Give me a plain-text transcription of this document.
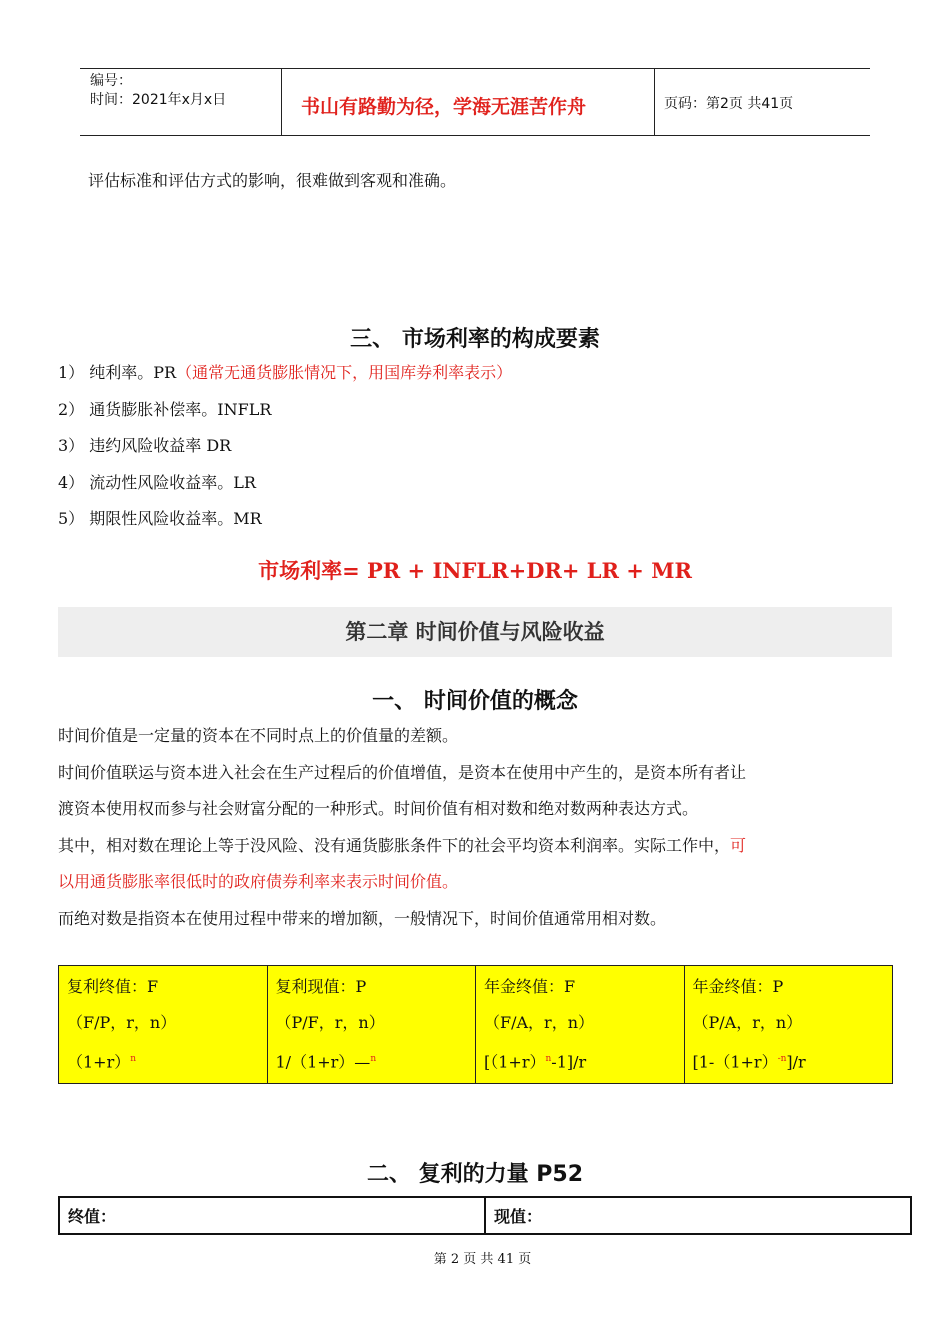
编号：
时间：2021年x月x日	书山有路勤为径，学海无涯苦作舟	页码：第2页 共41页
评估标准和评估方式的影响，很难做到客观和准确。
三、 市场利率的构成要素
1） 纯利率。PR（通常无通货膨胀情况下，用国库券利率表示）
2） 通货膨胀补偿率。INFLR
3） 违约风险收益率 DR
4） 流动性风险收益率。LR
5） 期限性风险收益率。MR
市场利率= PR + INFLR+DR+ LR + MR
第二章 时间价值与风险收益
一、 时间价值的概念
时间价值是一定量的资本在不同时点上的价值量的差额。
时间价值联运与资本进入社会在生产过程后的价值增值，是资本在使用中产生的，是资本所有者让
渡资本使用权而参与社会财富分配的一种形式。时间价值有相对数和绝对数两种表达方式。
其中，相对数在理论上等于没风险、没有通货膨胀条件下的社会平均资本利润率。实际工作中，可
以用通货膨胀率很低时的政府债券利率来表示时间价值。
而绝对数是指资本在使用过程中带来的增加额，一般情况下，时间价值通常用相对数。
复利终值：F
（F/P，r，n）
$(1+r)^n$

复利现值：P
（P/F，r，n）
1/（1+r）—$^n$

年金终值：F
（F/A，r，n）
$[(1+r)^n-1]/r$

年金终值：P
（P/A，r，n）
$[1-(1+r)^{-n}]/r$
二、 复利的力量 P52
终值：	现值：
第 2 页 共 41 页
